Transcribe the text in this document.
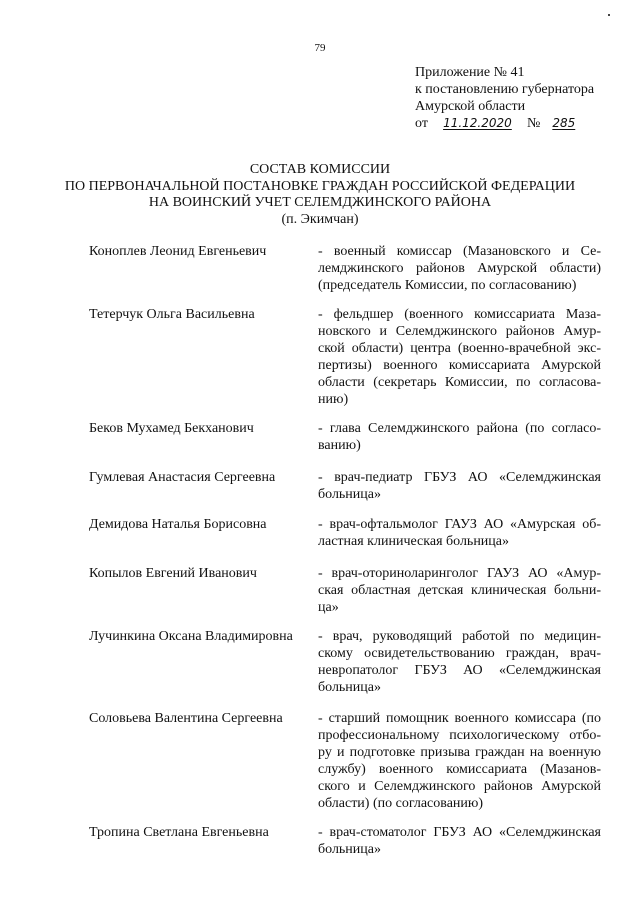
79
Приложение № 41
к постановлению губернатора
Амурской области
от 11.12.2020 № 285
СОСТАВ КОМИССИИ
ПО ПЕРВОНАЧАЛЬНОЙ ПОСТАНОВКЕ ГРАЖДАН РОССИЙСКОЙ ФЕДЕРАЦИИ
НА ВОИНСКИЙ УЧЕТ СЕЛЕМДЖИНСКОГО РАЙОНА
(п. Экимчан)
Коноплев Леонид Евгеньевич	- военный комиссар (Мазановского и Се-
лемджинского районов Амурской области)
(председатель Комиссии, по согласованию)
Тетерчук Ольга Васильевна	- фельдшер (военного комиссариата Маза-
новского и Селемджинского районов Амур-
ской области) центра (военно-врачебной экс-
пертизы) военного комиссариата Амурской
области (секретарь Комиссии, по согласова-
нию)
Беков Мухамед Бекханович	- глава Селемджинского района (по согласо-
ванию)
Гумлевая Анастасия Сергеевна	- врач-педиатр ГБУЗ АО «Селемджинская
больница»
Демидова Наталья Борисовна	- врач-офтальмолог ГАУЗ АО «Амурская об-
ластная клиническая больница»
Копылов Евгений Иванович	- врач-оториноларинголог ГАУЗ АО «Амур-
ская областная детская клиническая больни-
ца»
Лучинкина Оксана Владимировна - врач, руководящий работой по медицин-
скому освидетельствованию граждан, врач-
невропатолог ГБУЗ АО «Селемджинская
больница»
Соловьева Валентина Сергеевна	- старший помощник военного комиссара (по
профессиональному психологическому отбо-
ру и подготовке призыва граждан на военную
службу) военного комиссариата (Мазанов-
ского и Селемджинского районов Амурской
области) (по согласованию)
Тропина Светлана Евгеньевна	- врач-стоматолог ГБУЗ АО «Селемджинская
больница»
